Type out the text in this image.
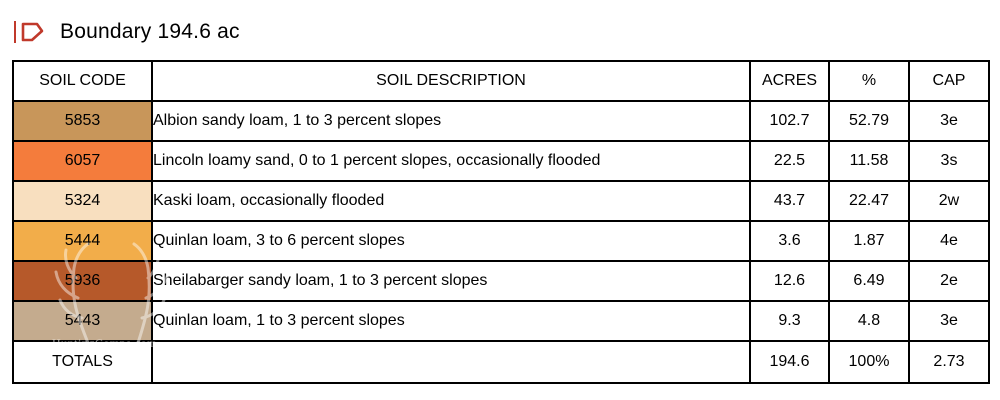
Boundary 194.6 ac
SOIL CODE	SOIL DESCRIPTION	ACRES	%	CAP
5853	Albion sandy loam, 1 to 3 percent slopes	102.7	52.79	3e
6057	Lincoln loamy sand, 0 to 1 percent slopes, occasionally flooded	22.5	11.58	3s
5324	Kaski loam, occasionally flooded	43.7	22.47	2w
5444	Quinlan loam, 3 to 6 percent slopes	3.6	1.87	4e
5936	Sheilabarger sandy loam, 1 to 3 percent slopes	12.6	6.49	2e
5443	Quinlan loam, 1 to 3 percent slopes	9.3	4.8	3e
TOTALS		194.6	100%	2.73
HuntingComps.com
